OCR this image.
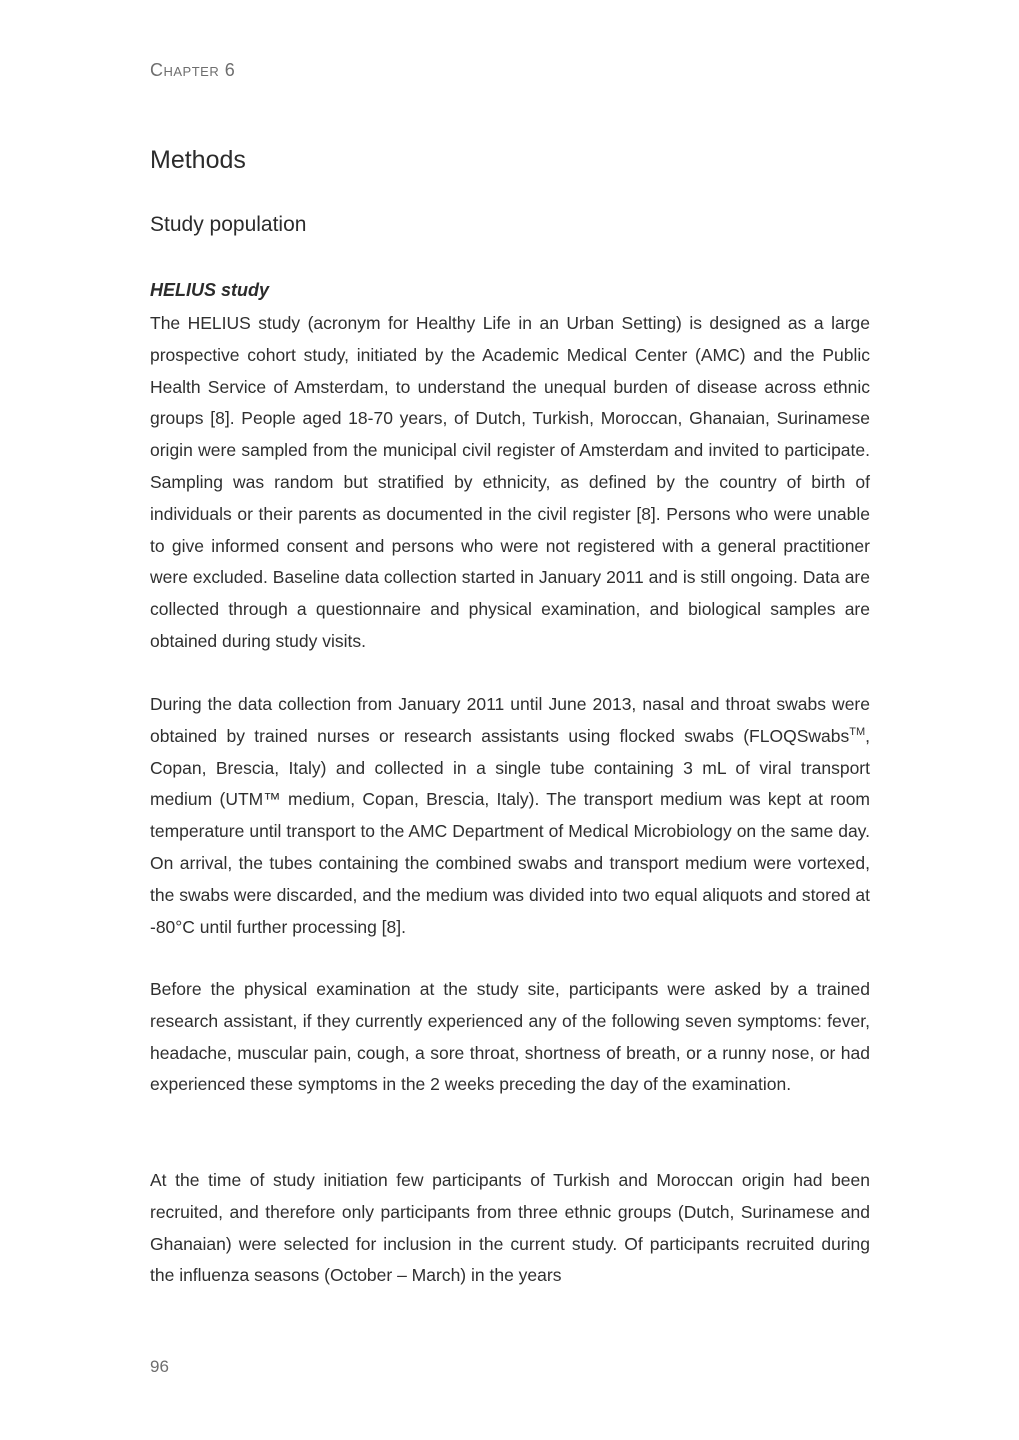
Chapter 6
Methods
Study population
HELIUS study

The HELIUS study (acronym for Healthy Life in an Urban Setting) is designed as a large prospective cohort study, initiated by the Academic Medical Center (AMC) and the Public Health Service of Amsterdam, to understand the unequal burden of disease across ethnic groups [8]. People aged 18-70 years, of Dutch, Turkish, Moroccan, Ghanaian, Surinamese origin were sampled from the municipal civil register of Amsterdam and invited to participate. Sampling was random but stratified by ethnicity, as defined by the country of birth of individuals or their parents as documented in the civil register [8]. Persons who were unable to give informed consent and persons who were not registered with a general practitioner were excluded. Baseline data collection started in January 2011 and is still ongoing. Data are collected through a questionnaire and physical examination, and biological samples are obtained during study visits.

During the data collection from January 2011 until June 2013, nasal and throat swabs were obtained by trained nurses or research assistants using flocked swabs (FLOQSwabs™, Copan, Brescia, Italy) and collected in a single tube containing 3 mL of viral transport medium (UTM™ medium, Copan, Brescia, Italy). The transport medium was kept at room temperature until transport to the AMC Department of Medical Microbiology on the same day. On arrival, the tubes containing the combined swabs and transport medium were vortexed, the swabs were discarded, and the medium was divided into two equal aliquots and stored at -80°C until further processing [8].

Before the physical examination at the study site, participants were asked by a trained research assistant, if they currently experienced any of the following seven symptoms: fever, headache, muscular pain, cough, a sore throat, shortness of breath, or a runny nose, or had experienced these symptoms in the 2 weeks preceding the day of the examination.

At the time of study initiation few participants of Turkish and Moroccan origin had been recruited, and therefore only participants from three ethnic groups (Dutch, Surinamese and Ghanaian) were selected for inclusion in the current study. Of participants recruited during the influenza seasons (October – March) in the years

96
